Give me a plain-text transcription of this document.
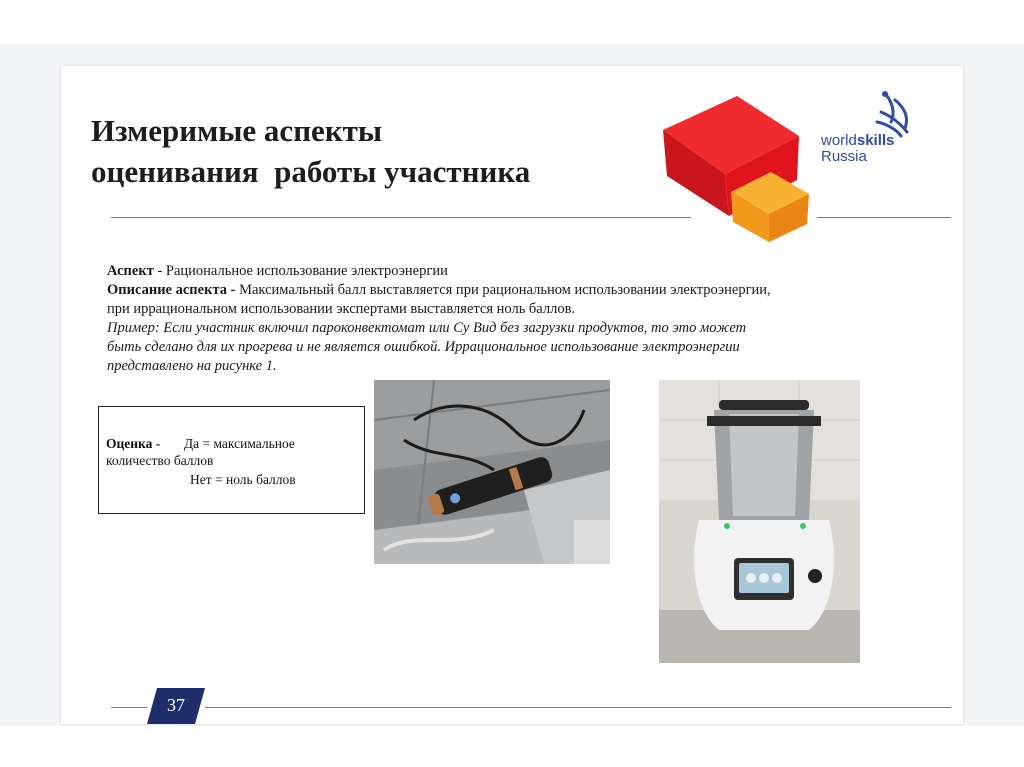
Измеримые аспекты
оценивания  работы участника
worldskills
Russia

Аспект - Рациональное использование электроэнергии

Описание аспекта - Максимальный балл выставляется при рациональном использовании электроэнергии,

при иррациональном использовании экспертами выставляется ноль баллов.

Пример: Если участник включил пароконвектомат или Су Вид без загрузки продуктов, то это может

быть сделано для их прогрева и не является ошибкой. Иррациональное использование электроэнергии

представлено на рисунке 1.

Оценка - Да = максимальное
количество баллов
Нет = ноль баллов
37
